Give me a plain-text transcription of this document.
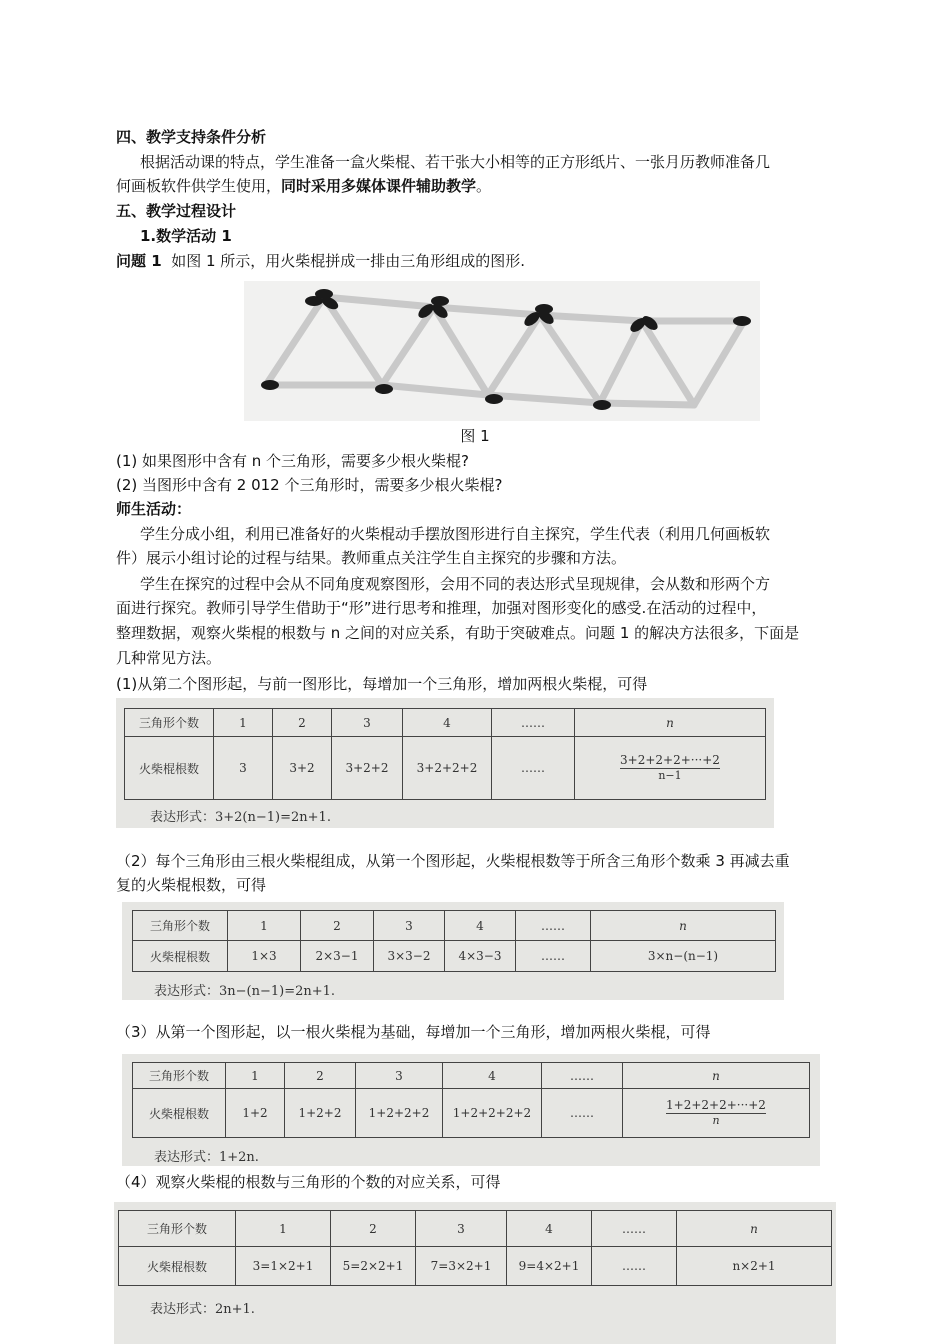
四、教学支持条件分析
根据活动课的特点，学生准备一盒火柴棍、若干张大小相等的正方形纸片、一张月历教师准备几
何画板软件供学生使用，同时采用多媒体课件辅助教学。
五、教学过程设计
1.数学活动 1
问题 1 如图 1 所示，用火柴棍拼成一排由三角形组成的图形.
图 1
(1) 如果图形中含有 n 个三角形，需要多少根火柴棍?
(2) 当图形中含有 2 012 个三角形时，需要多少根火柴棍?
师生活动：
学生分成小组，利用已准备好的火柴棍动手摆放图形进行自主探究，学生代表（利用几何画板软
件）展示小组讨论的过程与结果。教师重点关注学生自主探究的步骤和方法。
学生在探究的过程中会从不同角度观察图形，会用不同的表达形式呈现规律，会从数和形两个方
面进行探究。教师引导学生借助于“形”进行思考和推理，加强对图形变化的感受.在活动的过程中，
整理数据，观察火柴棍的根数与 n 之间的对应关系，有助于突破难点。问题 1 的解决方法很多，下面是
几种常见方法。
(1)从第二个图形起，与前一图形比，每增加一个三角形，增加两根火柴棍，可得
三角形个数	1	2	3	4	……	n
火柴棍根数	3	3+2	3+2+2	3+2+2+2	……	$\frac{3+2+2+2+\cdot\cdot\cdot+2}{n-1}$
表达形式：3+2(n−1)=2n+1.
（2）每个三角形由三根火柴棍组成，从第一个图形起，火柴棍根数等于所含三角形个数乘 3 再减去重
复的火柴棍根数，可得
三角形个数	1	2	3	4	……	n
火柴棍根数	1×3	2×3−1	3×3−2	4×3−3	……	3×n−(n−1)
表达形式：3n−(n−1)=2n+1.
（3）从第一个图形起，以一根火柴棍为基础，每增加一个三角形，增加两根火柴棍，可得
三角形个数	1	2	3	4	……	n
火柴棍根数	1+2	1+2+2	1+2+2+2	1+2+2+2+2	……	$\frac{1+2+2+2+\cdot\cdot\cdot+2}{n}$
表达形式：1+2n.
（4）观察火柴棍的根数与三角形的个数的对应关系，可得
三角形个数	1	2	3	4	……	n
火柴棍根数	3=1×2+1	5=2×2+1	7=3×2+1	9=4×2+1	……	n×2+1
表达形式：2n+1.
